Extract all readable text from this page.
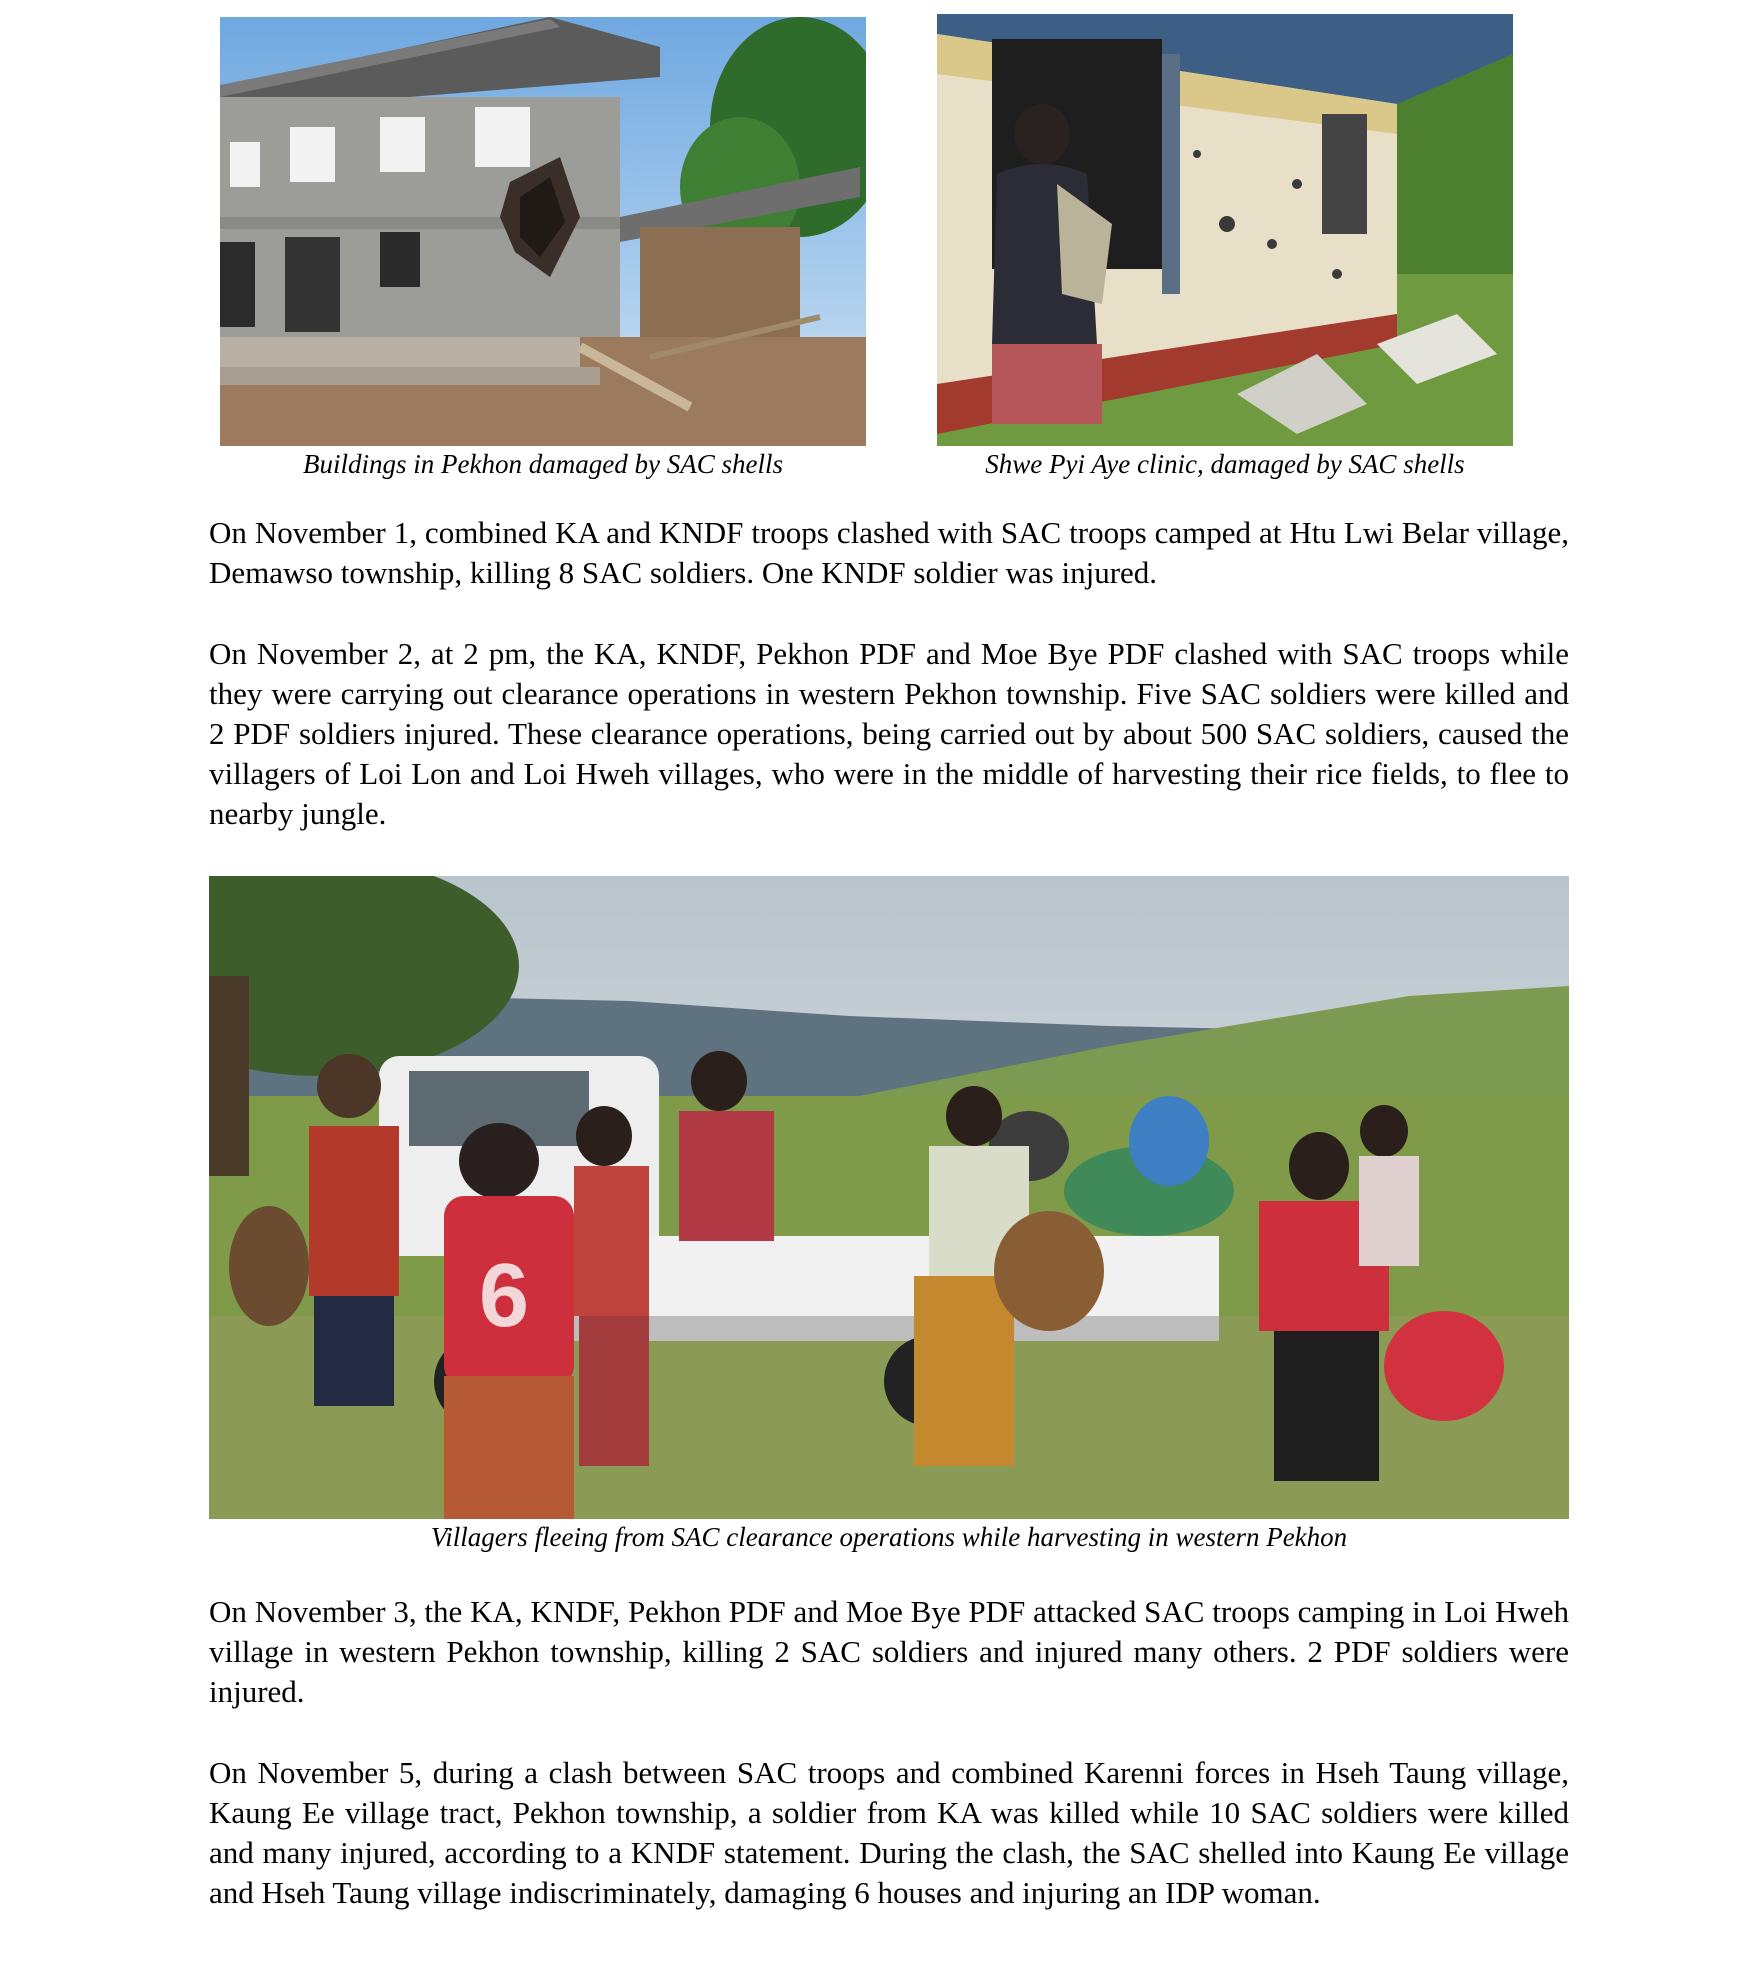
Buildings in Pekhon damaged by SAC shells	Shwe Pyi Aye clinic, damaged by SAC shells

On November 1, combined KA and KNDF troops clashed with SAC troops camped at Htu Lwi Belar village, Demawso township, killing 8 SAC soldiers. One KNDF soldier was injured.

On November 2, at 2 pm, the KA, KNDF, Pekhon PDF and Moe Bye PDF clashed with SAC troops while they were carrying out clearance operations in western Pekhon township. Five SAC soldiers were killed and 2 PDF soldiers injured. These clearance operations, being carried out by about 500 SAC soldiers, caused the villagers of Loi Lon and Loi Hweh villages, who were in the middle of harvesting their rice fields, to flee to nearby jungle.

6
Villagers fleeing from SAC clearance operations while harvesting in western Pekhon

On November 3, the KA, KNDF, Pekhon PDF and Moe Bye PDF attacked SAC troops camping in Loi Hweh village in western Pekhon township, killing 2 SAC soldiers and injured many others. 2 PDF soldiers were injured.

On November 5, during a clash between SAC troops and combined Karenni forces in Hseh Taung village, Kaung Ee village tract, Pekhon township, a soldier from KA was killed while 10 SAC soldiers were killed and many injured, according to a KNDF statement. During the clash, the SAC shelled into Kaung Ee village and Hseh Taung village indiscriminately, damaging 6 houses and injuring an IDP woman.
